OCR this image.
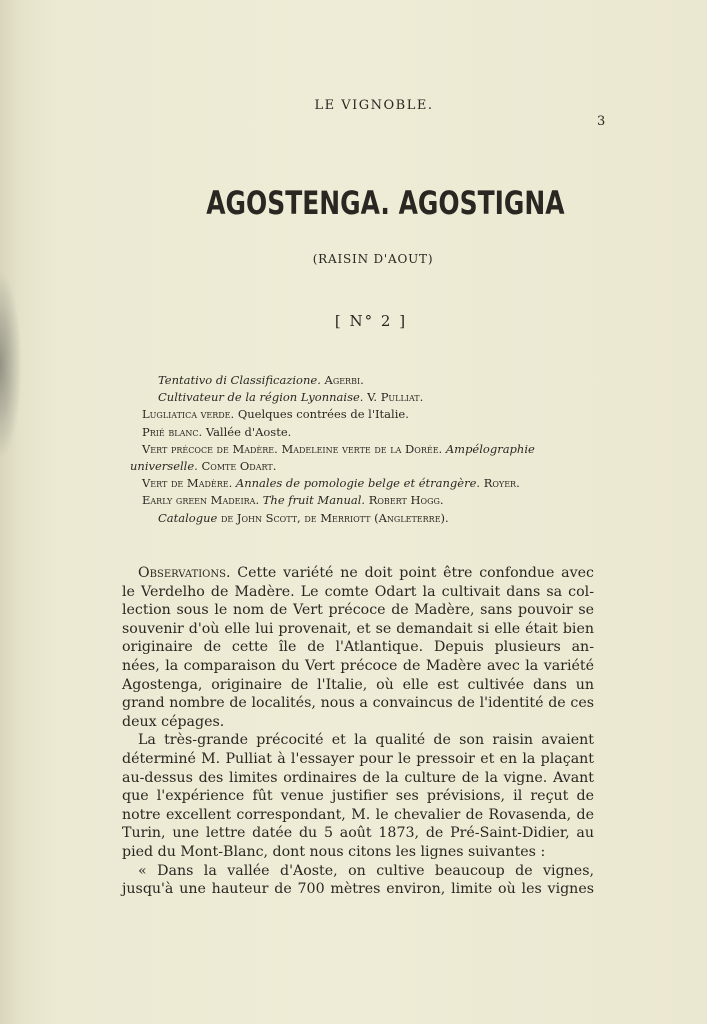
LE VIGNOBLE.
3
AGOSTENGA. AGOSTIGNA
(RAISIN D'AOUT)
[ N° 2 ]
Tentativo di Classificazione. Agerbi.
Cultivateur de la région Lyonnaise. V. Pulliat.
Lugliatica verde. Quelques contrées de l'Italie.
Prié blanc. Vallée d'Aoste.
Vert précoce de Madère. Madeleine verte de la Dorée. Ampélographie
universelle. Comte Odart.
Vert de Madère. Annales de pomologie belge et étrangère. Royer.
Early green Madeira. The fruit Manual. Robert Hogg.
Catalogue de John Scott, de Merriott (Angleterre).
Observations. Cette variété ne doit point être confondue avec
le Verdelho de Madère. Le comte Odart la cultivait dans sa col-
lection sous le nom de Vert précoce de Madère, sans pouvoir se
souvenir d'où elle lui provenait, et se demandait si elle était bien
originaire de cette île de l'Atlantique. Depuis plusieurs an-
nées, la comparaison du Vert précoce de Madère avec la variété
Agostenga, originaire de l'Italie, où elle est cultivée dans un
grand nombre de localités, nous a convaincus de l'identité de ces
deux cépages.
La très-grande précocité et la qualité de son raisin avaient
déterminé M. Pulliat à l'essayer pour le pressoir et en la plaçant
au-dessus des limites ordinaires de la culture de la vigne. Avant
que l'expérience fût venue justifier ses prévisions, il reçut de
notre excellent correspondant, M. le chevalier de Rovasenda, de
Turin, une lettre datée du 5 août 1873, de Pré-Saint-Didier, au
pied du Mont-Blanc, dont nous citons les lignes suivantes :
« Dans la vallée d'Aoste, on cultive beaucoup de vignes,
jusqu'à une hauteur de 700 mètres environ, limite où les vignes
